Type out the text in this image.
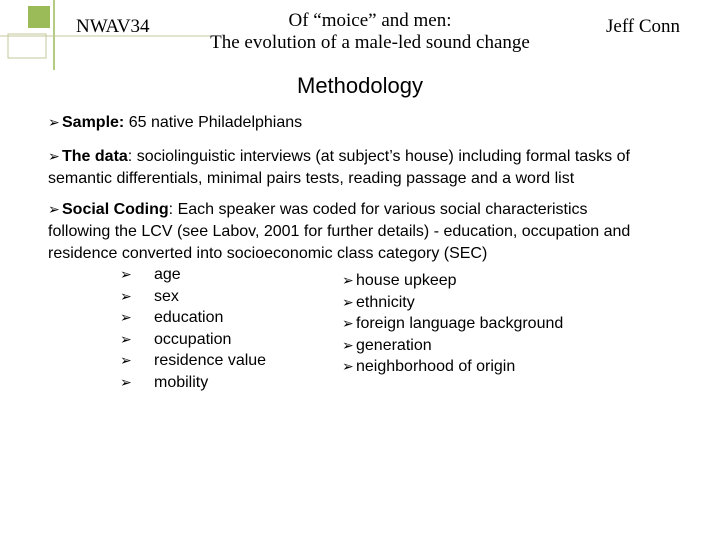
NWAV34	Of “moice” and men:
The evolution of a male-led sound change
Jeff Conn
Methodology
➢ Sample: 65 native Philadelphians
➢ The data: sociolinguistic interviews (at subject’s house) including formal tasks of
semantic differentials, minimal pairs tests, reading passage and a word list
➢ Social Coding: Each speaker was coded for various social characteristics
following the LCV (see Labov, 2001 for further details) - education, occupation and
residence converted into socioeconomic class category (SEC)
➢ age
➢ sex
➢ education
➢ occupation
➢ residence value
➢ mobility
➢ house upkeep
➢ ethnicity
➢ foreign language background
➢ generation
➢ neighborhood of origin
